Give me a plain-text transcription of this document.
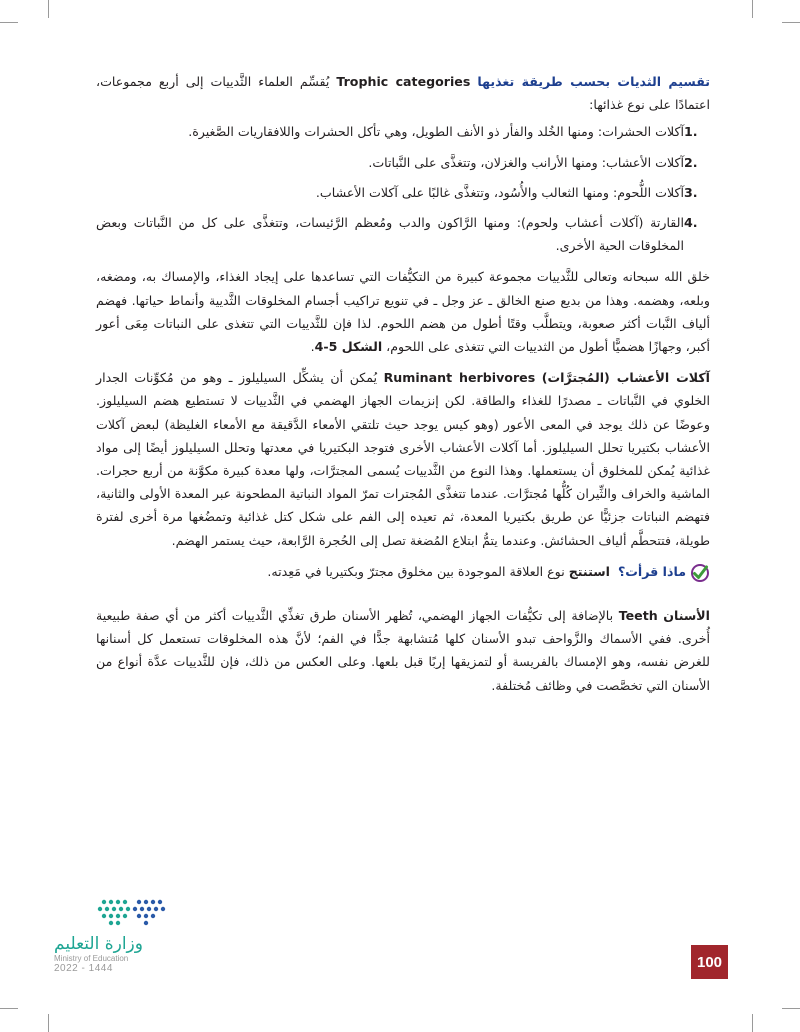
تقسيم الثديات بحسب طريقة تغذيها Trophic categories يُقسِّم العلماء الثَّدييات إلى أربع مجموعات، اعتمادًا على نوع غذائها:

1.
آكلات الحشرات: ومنها الخُلد والفأر ذو الأنف الطويل، وهي تأكل الحشرات واللافقاريات الصَّغيرة.
2.
آكلات الأعشاب: ومنها الأرانب والغزلان، وتتغذَّى على النَّباتات.
3.
آكلات اللُّحوم: ومنها الثعالب والأُسُود، وتتغذَّى غالبًا على آكلات الأعشاب.
4.
القارتة (آكلات أعشاب ولحوم): ومنها الرَّاكون والدب ومُعظم الرَّئيسات، وتتغذَّى على كل من النَّباتات وبعض المخلوقات الحية الأخرى.

خلق الله سبحانه وتعالى للثَّدييات مجموعة كبيرة من التكيُّفات التي تساعدها على إيجاد الغذاء، والإمساك به، ومضغه، وبلعه، وهضمه. وهذا من بديع صنع الخالق ـ عز وجل ـ في تنويع تراكيب أجسام المخلوقات الثَّديية وأنماط حياتها. فهضم ألياف النَّبات أكثر صعوبة، ويتطلَّب وقتًا أطول من هضم اللحوم. لذا فإن للثَّدييات التي تتغذى على النباتات مِعَى أعور أكبر، وجهازًا هضميًّا أطول من الثدييات التي تتغذى على اللحوم، الشكل 5-4.

آكلات الأعشاب (المُجترَّات) Ruminant herbivores يُمكن أن يشكِّل السيليلوز ـ وهو من مُكوِّنات الجدار الخلوي في النَّباتات ـ مصدرًا للغذاء والطاقة. لكن إنزيمات الجهاز الهضمي في الثَّدييات لا تستطيع هضم السيليلوز. وعوضًا عن ذلك يوجد في المعى الأعور (وهو كيس يوجد حيث تلتقي الأمعاء الدَّقيقة مع الأمعاء الغليظة) لبعض آكلات الأعشاب بكتيريا تحلل السيليلوز. أما آكلات الأعشاب الأخرى فتوجد البكتيريا في معدتها وتحلل السيليلوز أيضًا إلى مواد غذائية يُمكن للمخلوق أن يستعملها. وهذا النوع من الثَّدييات يُسمى المجترَّات، ولها معدة كبيرة مكوَّنة من أربع حجرات. الماشية والخراف والثِّيران كُلُّها مُجترَّات. عندما تتغذَّى المُجترات تمرّ المواد النباتية المطحونة عبر المعدة الأولى والثانية، فتهضم النباتات جزئيًّا عن طريق بكتيريا المعدة، ثم تعيده إلى الفم على شكل كتل غذائية وتمضُغها مرة أخرى لفترة طويلة، فتتحطَّم ألياف الحشائش. وعندما يتمُّ ابتلاع المُضغة تصل إلى الحُجرة الرَّابعة، حيث يستمر الهضم.

ماذا قرأت؟ استنتج نوع العلاقة الموجودة بين مخلوق مجترّ وبكتيريا في مَعِدته.

الأسنان Teeth بالإضافة إلى تكيُّفات الجهاز الهضمي، تُظهر الأسنان طرق تغذِّي الثَّدييات أكثر من أي صفة طبيعية أُخرى. ففي الأسماك والزَّواحف تبدو الأسنان كلها مُتشابهة جدًّا في الفم؛ لأنَّ هذه المخلوقات تستعمل كل أسنانها للغرض نفسه، وهو الإمساك بالفريسة أو لتمزيقها إربًا قبل بلعها. وعلى العكس من ذلك، فإن للثَّدييات عدَّة أنواع من الأسنان التي تخصَّصت في وظائف مُختلفة.

وزارة التعليم
Ministry of Education
2022 - 1444	100
